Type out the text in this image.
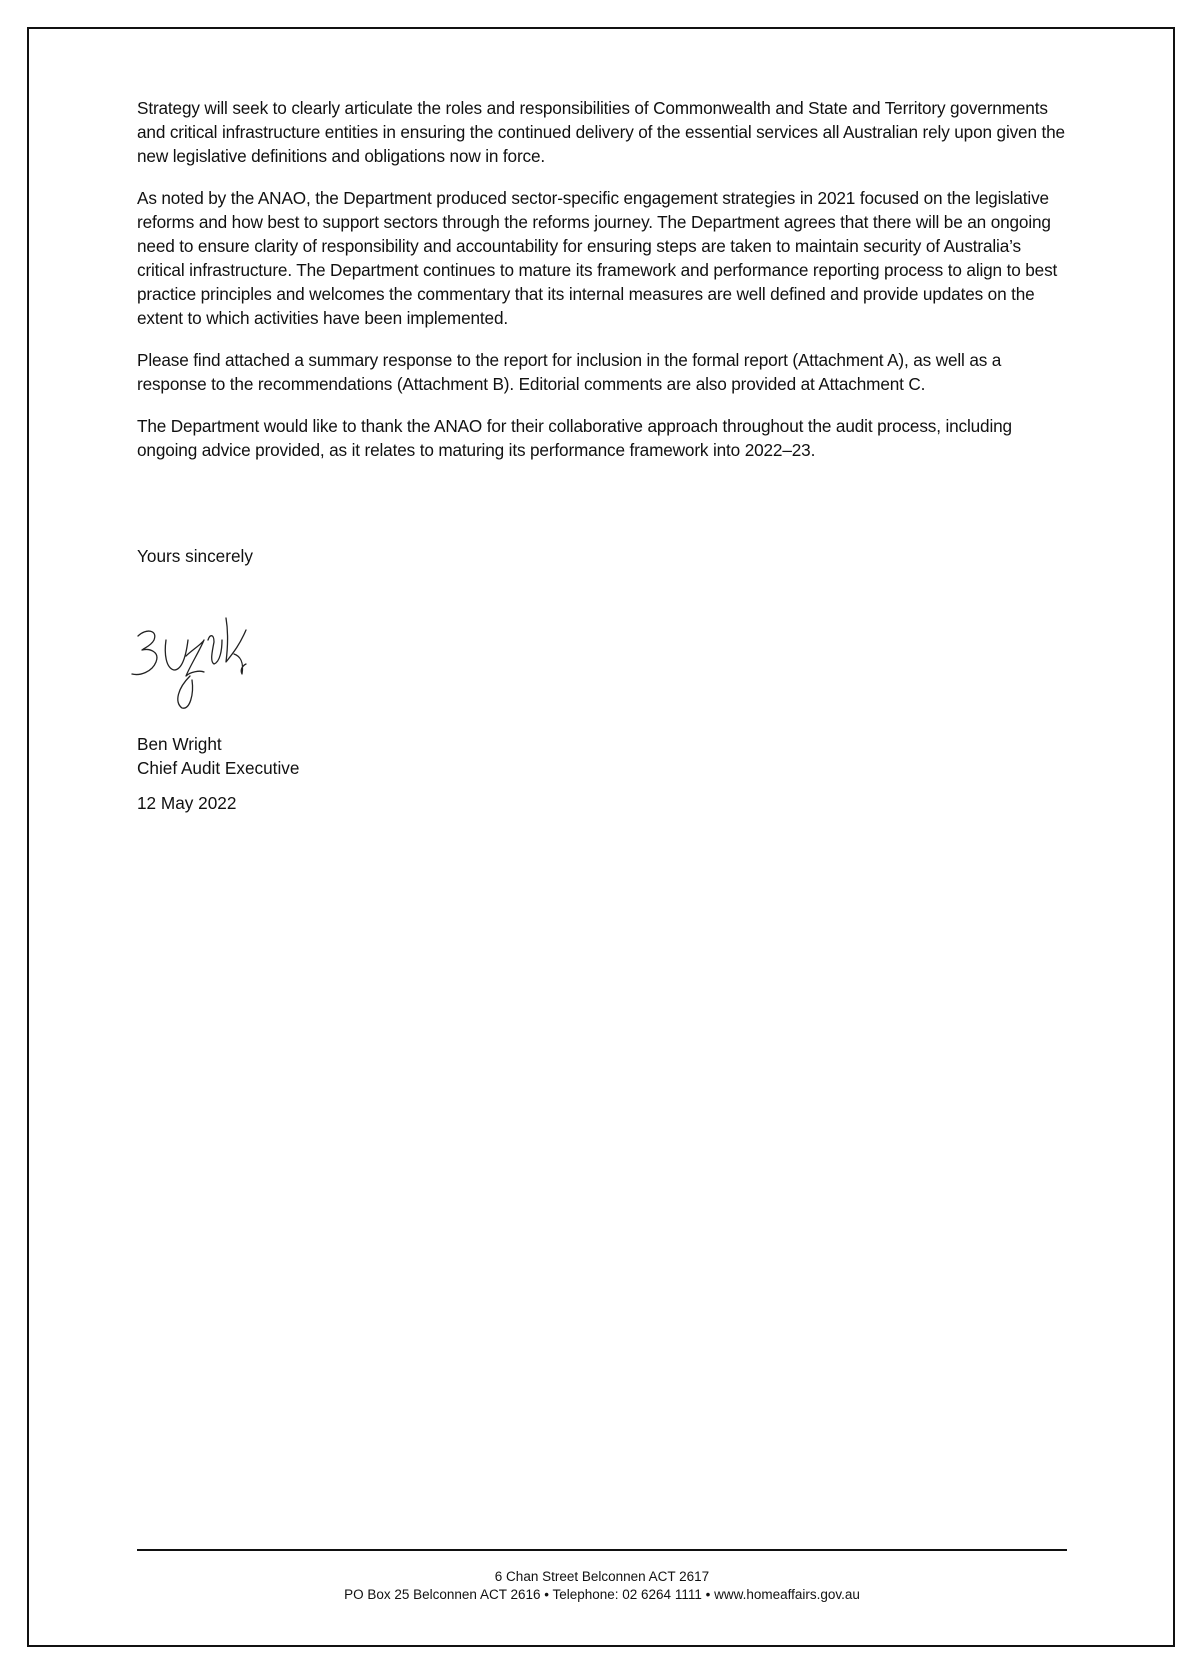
Strategy will seek to clearly articulate the roles and responsibilities of Commonwealth and State and Territory governments and critical infrastructure entities in ensuring the continued delivery of the essential services all Australian rely upon given the new legislative definitions and obligations now in force.

As noted by the ANAO, the Department produced sector-specific engagement strategies in 2021 focused on the legislative reforms and how best to support sectors through the reforms journey. The Department agrees that there will be an ongoing need to ensure clarity of responsibility and accountability for ensuring steps are taken to maintain security of Australia’s critical infrastructure. The Department continues to mature its framework and performance reporting process to align to best practice principles and welcomes the commentary that its internal measures are well defined and provide updates on the extent to which activities have been implemented.

Please find attached a summary response to the report for inclusion in the formal report (Attachment A), as well as a response to the recommendations (Attachment B). Editorial comments are also provided at Attachment C.

The Department would like to thank the ANAO for their collaborative approach throughout the audit process, including ongoing advice provided, as it relates to maturing its performance framework into 2022–23.

Yours sincerely

Ben Wright
Chief Audit Executive
12 May 2022
6 Chan Street Belconnen ACT 2617
PO Box 25 Belconnen ACT 2616 • Telephone: 02 6264 1111 • www.homeaffairs.gov.au
